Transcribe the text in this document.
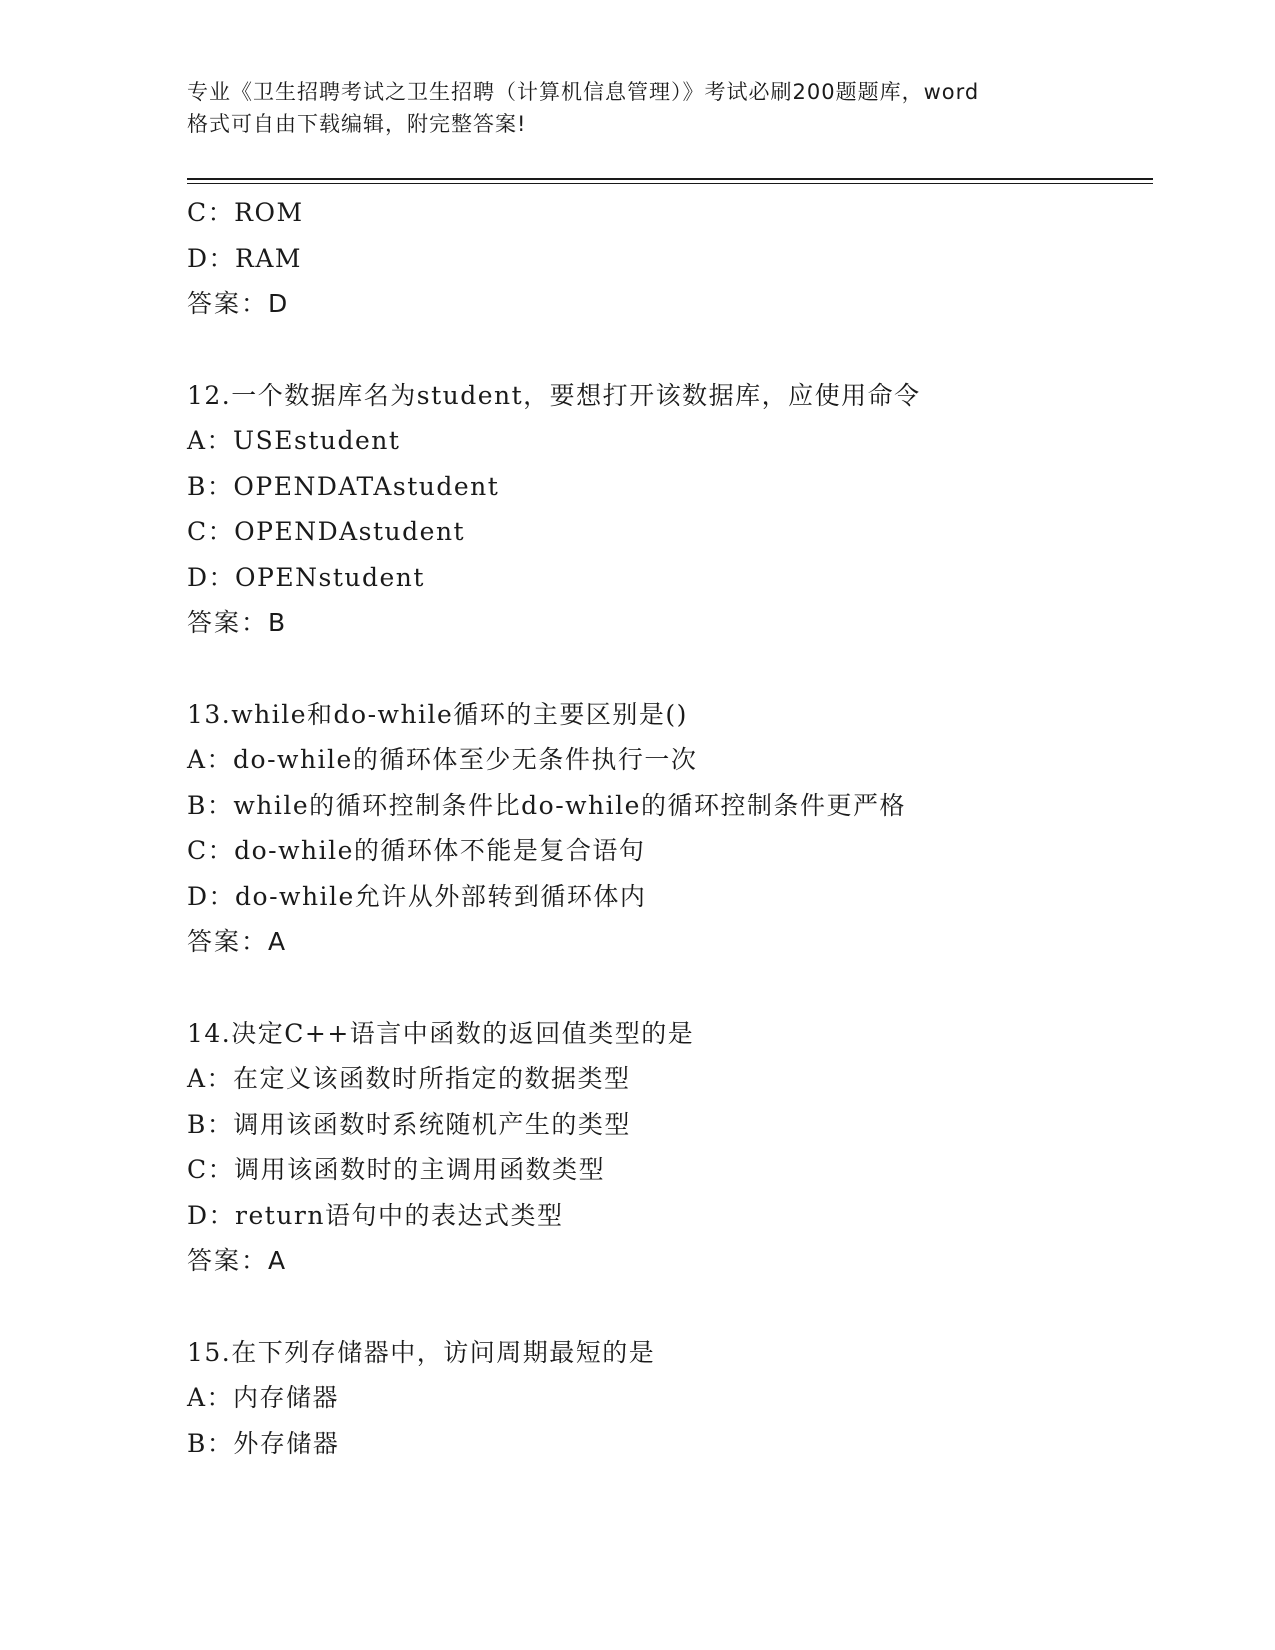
专业《卫生招聘考试之卫生招聘（计算机信息管理）》考试必刷200题题库，word
格式可自由下载编辑，附完整答案!
C：ROM
D：RAM
答案：D
12.一个数据库名为student，要想打开该数据库，应使用命令
A：USEstudent
B：OPENDATAstudent
C：OPENDAstudent
D：OPENstudent
答案：B
13.while和do-while循环的主要区别是()
A：do-while的循环体至少无条件执行一次
B：while的循环控制条件比do-while的循环控制条件更严格
C：do-while的循环体不能是复合语句
D：do-while允许从外部转到循环体内
答案：A
14.决定C++语言中函数的返回值类型的是
A：在定义该函数时所指定的数据类型
B：调用该函数时系统随机产生的类型
C：调用该函数时的主调用函数类型
D：return语句中的表达式类型
答案：A
15.在下列存储器中，访问周期最短的是
A：内存储器
B：外存储器
